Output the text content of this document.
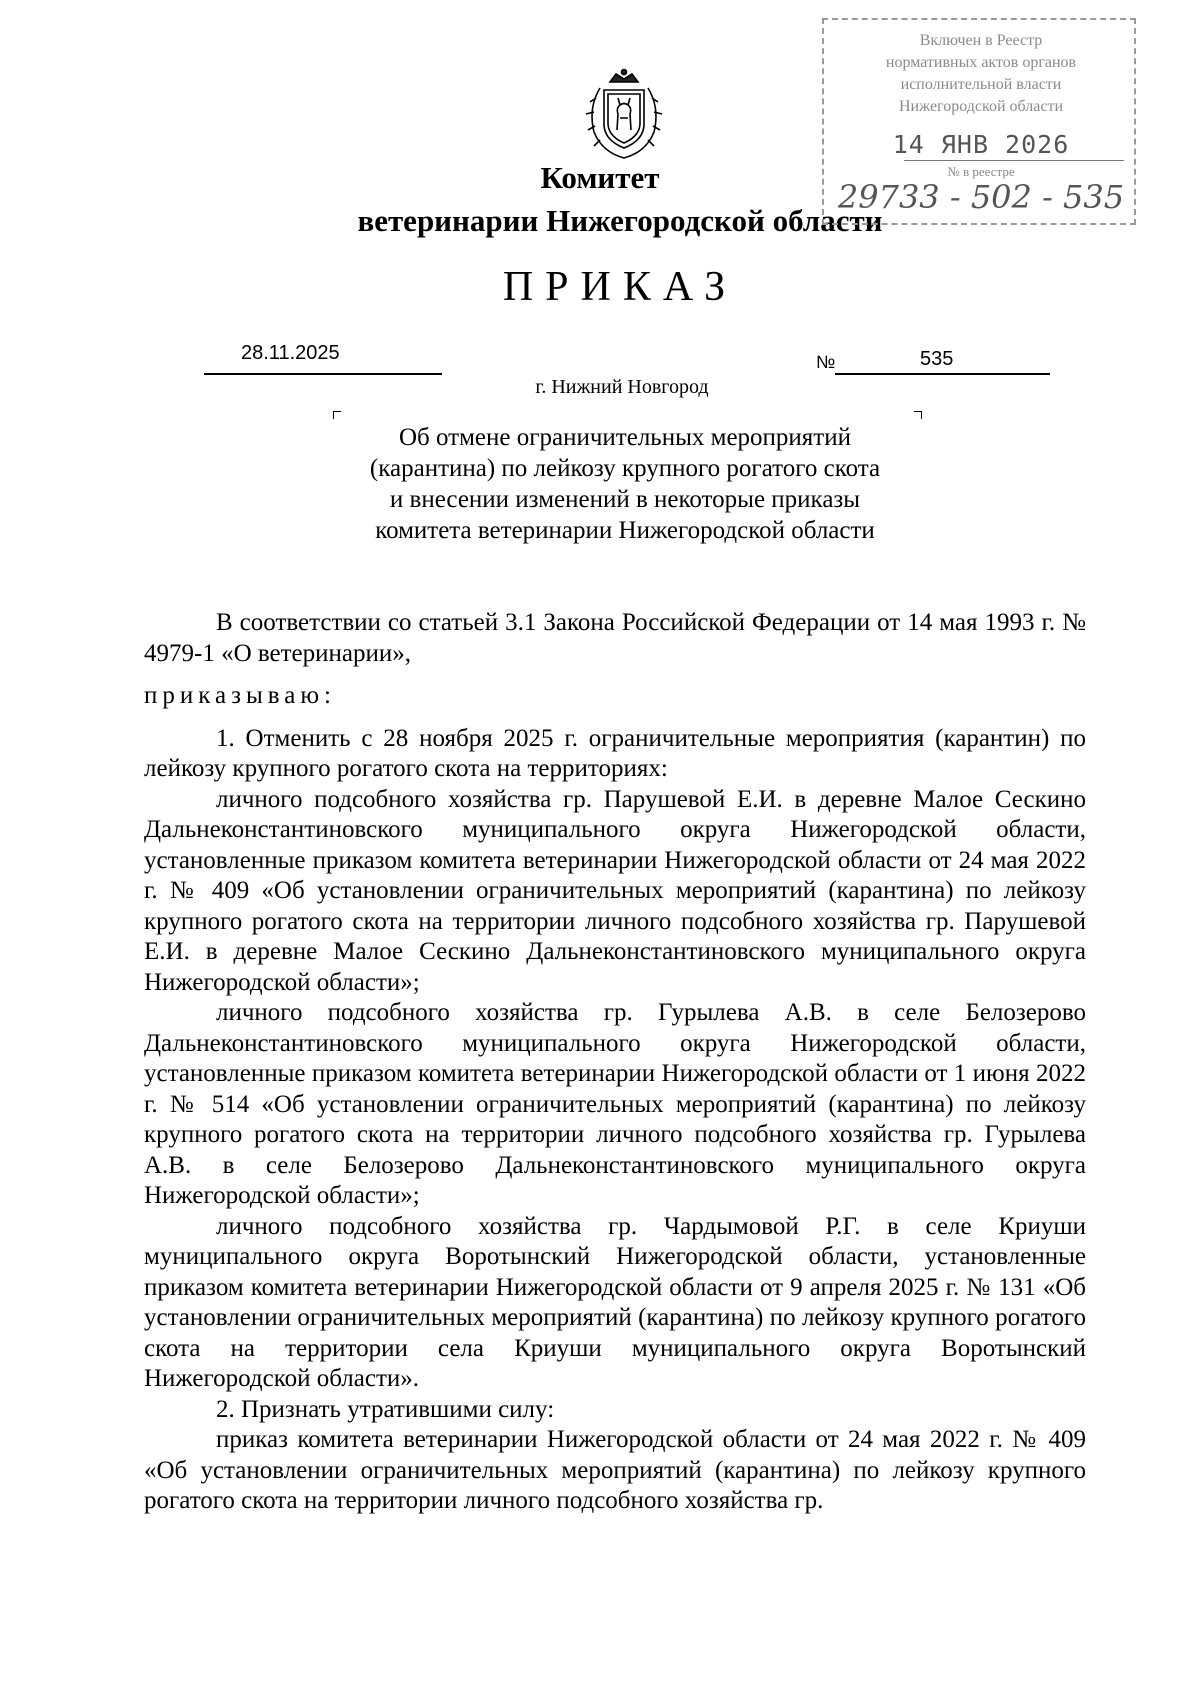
Комитет
ветеринарии Нижегородской области
Включен в Реестр
нормативных актов органов
исполнительной власти
Нижегородской области
14 ЯНВ 2026
№ в реестре
29733 - 502 - 535
ПРИКАЗ
28.11.2025	№	535
г. Нижний Новгород
Об отмене ограничительных мероприятий
(карантина) по лейкозу крупного рогатого скота
и внесении изменений в некоторые приказы
комитета ветеринарии Нижегородской области

В соответствии со статьей 3.1 Закона Российской Федерации от 14 мая 1993 г. № 4979-1 «О ветеринарии»,

приказываю:

1. Отменить с 28 ноября 2025 г. ограничительные мероприятия (карантин) по лейкозу крупного рогатого скота на территориях:

личного подсобного хозяйства гр. Парушевой Е.И. в деревне Малое Сескино Дальнеконстантиновского муниципального округа Нижегородской области, установленные приказом комитета ветеринарии Нижегородской области от 24 мая 2022 г. № 409 «Об установлении ограничительных мероприятий (карантина) по лейкозу крупного рогатого скота на территории личного подсобного хозяйства гр. Парушевой Е.И. в деревне Малое Сескино Дальнеконстантиновского муниципального округа Нижегородской области»;

личного подсобного хозяйства гр. Гурылева А.В. в селе Белозерово Дальнеконстантиновского муниципального округа Нижегородской области, установленные приказом комитета ветеринарии Нижегородской области от 1 июня 2022 г. № 514 «Об установлении ограничительных мероприятий (карантина) по лейкозу крупного рогатого скота на территории личного подсобного хозяйства гр. Гурылева А.В. в селе Белозерово Дальнеконстантиновского муниципального округа Нижегородской области»;

личного подсобного хозяйства гр. Чардымовой Р.Г. в селе Криуши муниципального округа Воротынский Нижегородской области, установленные приказом комитета ветеринарии Нижегородской области от 9 апреля 2025 г. № 131 «Об установлении ограничительных мероприятий (карантина) по лейкозу крупного рогатого скота на территории села Криуши муниципального округа Воротынский Нижегородской области».

2. Признать утратившими силу:

приказ комитета ветеринарии Нижегородской области от 24 мая 2022 г. № 409 «Об установлении ограничительных мероприятий (карантина) по лейкозу крупного рогатого скота на территории личного подсобного хозяйства гр.
